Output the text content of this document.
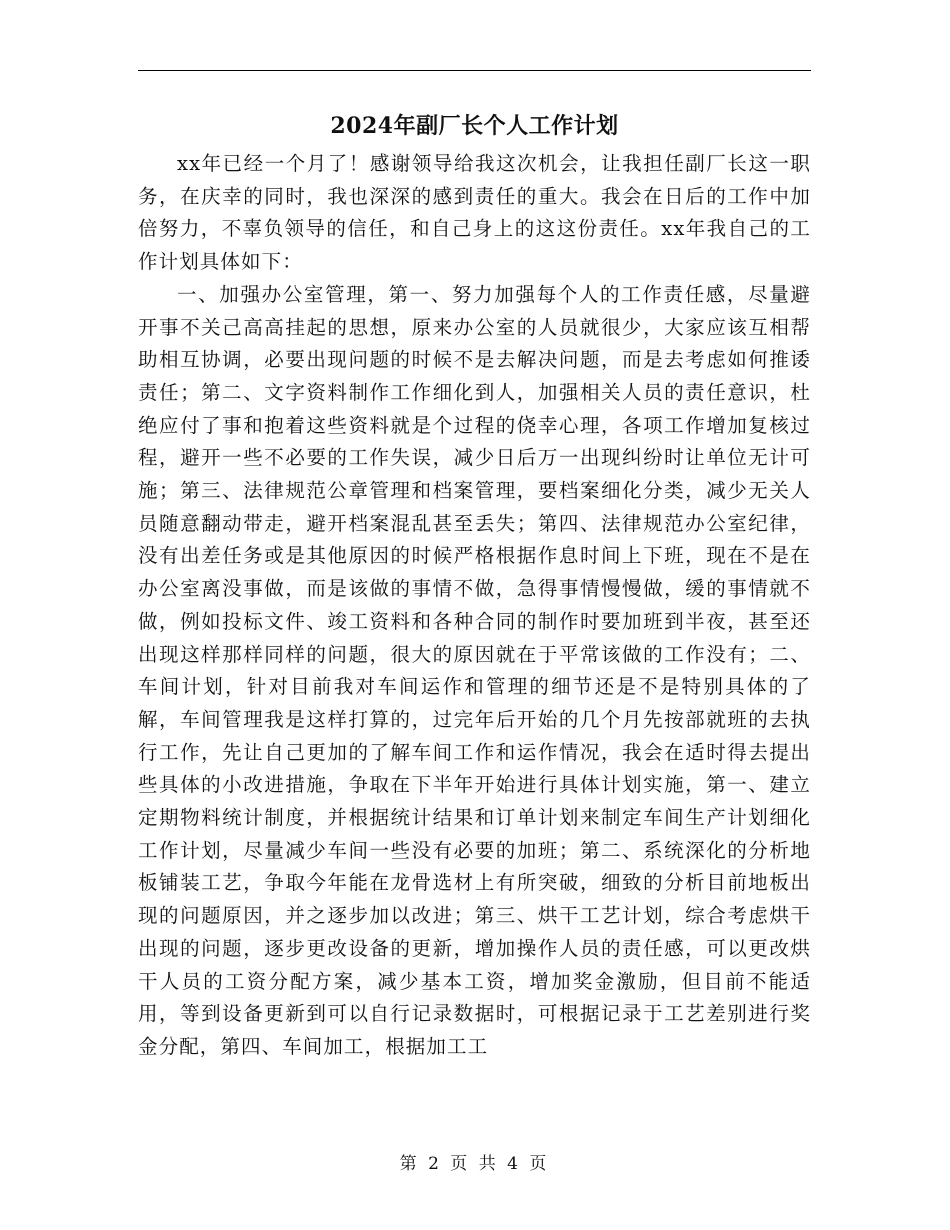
2024年副厂长个人工作计划

xx年已经一个月了！感谢领导给我这次机会，让我担任副厂长这一职务，在庆幸的同时，我也深深的感到责任的重大。我会在日后的工作中加倍努力，不辜负领导的信任，和自己身上的这这份责任。xx年我自己的工作计划具体如下：

一、加强办公室管理，第一、努力加强每个人的工作责任感，尽量避开事不关己高高挂起的思想，原来办公室的人员就很少，大家应该互相帮助相互协调，必要出现问题的时候不是去解决问题，而是去考虑如何推诿责任；第二、文字资料制作工作细化到人，加强相关人员的责任意识，杜绝应付了事和抱着这些资料就是个过程的侥幸心理，各项工作增加复核过程，避开一些不必要的工作失误，减少日后万一出现纠纷时让单位无计可施；第三、法律规范公章管理和档案管理，要档案细化分类，减少无关人员随意翻动带走，避开档案混乱甚至丢失；第四、法律规范办公室纪律，没有出差任务或是其他原因的时候严格根据作息时间上下班，现在不是在办公室离没事做，而是该做的事情不做，急得事情慢慢做，缓的事情就不做，例如投标文件、竣工资料和各种合同的制作时要加班到半夜，甚至还出现这样那样同样的问题，很大的原因就在于平常该做的工作没有；二、车间计划，针对目前我对车间运作和管理的细节还是不是特别具体的了解，车间管理我是这样打算的，过完年后开始的几个月先按部就班的去执行工作，先让自己更加的了解车间工作和运作情况，我会在适时得去提出些具体的小改进措施，争取在下半年开始进行具体计划实施，第一、建立定期物料统计制度，并根据统计结果和订单计划来制定车间生产计划细化工作计划，尽量减少车间一些没有必要的加班；第二、系统深化的分析地板铺装工艺，争取今年能在龙骨选材上有所突破，细致的分析目前地板出现的问题原因，并之逐步加以改进；第三、烘干工艺计划，综合考虑烘干出现的问题，逐步更改设备的更新，增加操作人员的责任感，可以更改烘干人员的工资分配方案，减少基本工资，增加奖金激励，但目前不能适用，等到设备更新到可以自行记录数据时，可根据记录于工艺差别进行奖金分配，第四、车间加工，根据加工工

第 2 页 共 4 页
